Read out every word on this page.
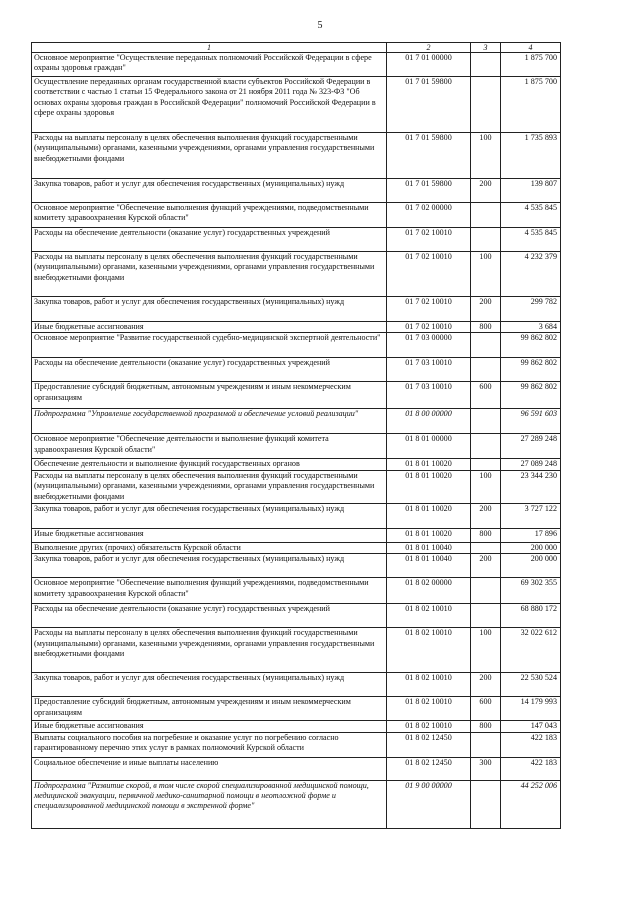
5
1	2	3	4
Основное мероприятие "Осуществление переданных полномочий Российской Федерации в сфере охраны здоровья граждан"	01 7 01 00000		1 875 700
Осуществление переданных органам государственной власти субъектов Российской Федерации в соответствии с частью 1 статьи 15 Федерального закона от 21 ноября 2011 года № 323-ФЗ "Об основах охраны здоровья граждан в Российской Федерации" полномочий Российской Федерации в сфере охраны здоровья	01 7 01 59800		1 875 700
Расходы на выплаты персоналу в целях обеспечения выполнения функций государственными (муниципальными) органами, казенными учреждениями, органами управления государственными внебюджетными фондами	01 7 01 59800	100	1 735 893
Закупка товаров, работ и услуг для обеспечения государственных (муниципальных) нужд	01 7 01 59800	200	139 807
Основное мероприятие "Обеспечение выполнения функций учреждениями, подведомственными комитету здравоохранения Курской области"	01 7 02 00000		4 535 845
Расходы на обеспечение деятельности (оказание услуг) государственных учреждений	01 7 02 10010		4 535 845
Расходы на выплаты персоналу в целях обеспечения выполнения функций государственными (муниципальными) органами, казенными учреждениями, органами управления государственными внебюджетными фондами	01 7 02 10010	100	4 232 379
Закупка товаров, работ и услуг для обеспечения государственных (муниципальных) нужд	01 7 02 10010	200	299 782
Иные бюджетные ассигнования	01 7 02 10010	800	3 684
Основное мероприятие "Развитие государственной судебно-медицинской экспертной деятельности"	01 7 03 00000		99 862 802
Расходы на обеспечение деятельности (оказание услуг) государственных учреждений	01 7 03 10010		99 862 802
Предоставление субсидий бюджетным, автономным учреждениям и иным некоммерческим организациям	01 7 03 10010	600	99 862 802
Подпрограмма "Управление государственной программой и обеспечение условий реализации"	01 8 00 00000		96 591 603
Основное мероприятие "Обеспечение деятельности и выполнение функций комитета здравоохранения Курской области"	01 8 01 00000		27 289 248
Обеспечение деятельности и выполнение функций государственных органов	01 8 01 10020		27 089 248
Расходы на выплаты персоналу в целях обеспечения выполнения функций государственными (муниципальными) органами, казенными учреждениями, органами управления государственными внебюджетными фондами	01 8 01 10020	100	23 344 230
Закупка товаров, работ и услуг для обеспечения государственных (муниципальных) нужд	01 8 01 10020	200	3 727 122
Иные бюджетные ассигнования	01 8 01 10020	800	17 896
Выполнение других (прочих) обязательств Курской области	01 8 01 10040		200 000
Закупка товаров, работ и услуг для обеспечения государственных (муниципальных) нужд	01 8 01 10040	200	200 000
Основное мероприятие "Обеспечение выполнения функций учреждениями, подведомственными комитету здравоохранения Курской области"	01 8 02 00000		69 302 355
Расходы на обеспечение деятельности (оказание услуг) государственных учреждений	01 8 02 10010		68 880 172
Расходы на выплаты персоналу в целях обеспечения выполнения функций государственными (муниципальными) органами, казенными учреждениями, органами управления государственными внебюджетными фондами	01 8 02 10010	100	32 022 612
Закупка товаров, работ и услуг для обеспечения государственных (муниципальных) нужд	01 8 02 10010	200	22 530 524
Предоставление субсидий бюджетным, автономным учреждениям и иным некоммерческим организациям	01 8 02 10010	600	14 179 993
Иные бюджетные ассигнования	01 8 02 10010	800	147 043
Выплаты социального пособия на погребение и оказание услуг по погребению согласно гарантированному перечню этих услуг в рамках полномочий Курской области	01 8 02 12450		422 183
Социальное обеспечение и иные выплаты населению	01 8 02 12450	300	422 183
Подпрограмма "Развитие скорой, в том числе скорой специализированной медицинской помощи, медицинской эвакуации, первичной медико-санитарной помощи в неотложной форме и специализированной медицинской помощи в экстренной форме"	01 9 00 00000		44 252 006
